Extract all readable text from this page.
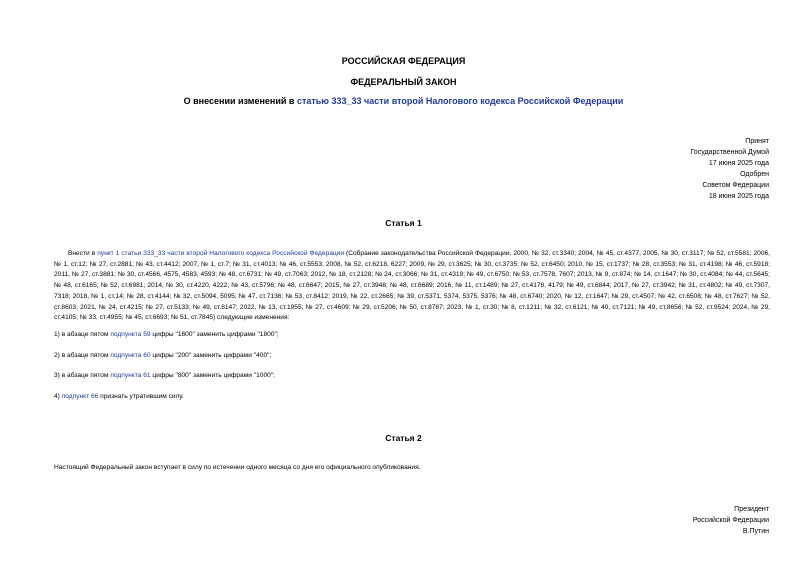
РОССИЙСКАЯ ФЕДЕРАЦИЯ
ФЕДЕРАЛЬНЫЙ ЗАКОН
О внесении изменений в статью 333_33 части второй Налогового кодекса Российской Федерации
Принят
Государственной Думой
17 июня 2025 года
Одобрен
Советом Федерации
18 июня 2025 года
Статья 1
Внести в пункт 1 статьи 333_33 части второй Налогового кодекса Российской Федерации (Собрание законодательства Российской Федерации, 2000, № 32, ст.3340; 2004, № 45, ст.4377; 2005, № 30, ст.3117; № 52, ст.5581; 2006, № 1, ст.12; № 27, ст.2881; № 43, ст.4412; 2007, № 1, ст.7; № 31, ст.4013; № 46, ст.5553; 2008, № 52, ст.6218, 6227; 2009, № 29, ст.3625; № 30, ст.3735; № 52, ст.6450; 2010, № 15, ст.1737; № 28, ст.3553; № 31, ст.4198; № 46, ст.5918; 2011, № 27, ст.3881; № 30, ст.4566, 4575, 4583, 4593; № 48, ст.6731; № 49, ст.7063; 2012, № 18, ст.2128; № 24, ст.3066; № 31, ст.4319; № 49, ст.6750; № 53, ст.7578, 7607; 2013, № 9, ст.874; № 14, ст.1647; № 30, ст.4084; № 44, ст.5645; № 48, ст.6165; № 52, ст.6981; 2014, № 30, ст.4220, 4222; № 43, ст.5796; № 48, ст.6647; 2015, № 27, ст.3948; № 48, ст.6689; 2016, № 11, ст.1489; № 27, ст.4178, 4179; № 49, ст.6844; 2017, № 27, ст.3942; № 31, ст.4802; № 49, ст.7307, 7318; 2018, № 1, ст.14; № 28, ст.4144; № 32, ст.5094, 5095; № 47, ст.7136; № 53, ст.8412; 2019, № 22, ст.2665; № 39, ст.5371, 5374, 5375, 5376; № 48, ст.6740; 2020, № 12, ст.1647; № 29, ст.4507; № 42, ст.6508; № 48, ст.7627; № 52, ст.8603; 2021, № 24, ст.4215; № 27, ст.5133; № 49, ст.8147; 2022, № 13, ст.1955; № 27, ст.4609; № 29, ст.5206; № 50, ст.8787; 2023, № 1, ст.30; № 8, ст.1211; № 32, ст.6121; № 40, ст.7121; № 49, ст.8656; № 52, ст.9524; 2024, № 29, ст.4105; № 33, ст.4955; № 45, ст.6693; № 51, ст.7845) следующие изменения:
1) в абзаце пятом подпункта 59 цифры "1600" заменить цифрами "1800";
2) в абзаце пятом подпункта 60 цифры "200" заменить цифрами "400";
3) в абзаце пятом подпункта 61 цифры "800" заменить цифрами "1000";
4) подпункт 66 признать утратившим силу.
Статья 2
Настоящий Федеральный закон вступает в силу по истечении одного месяца со дня его официального опубликования.
Президент
Российской Федерации
В.Путин
